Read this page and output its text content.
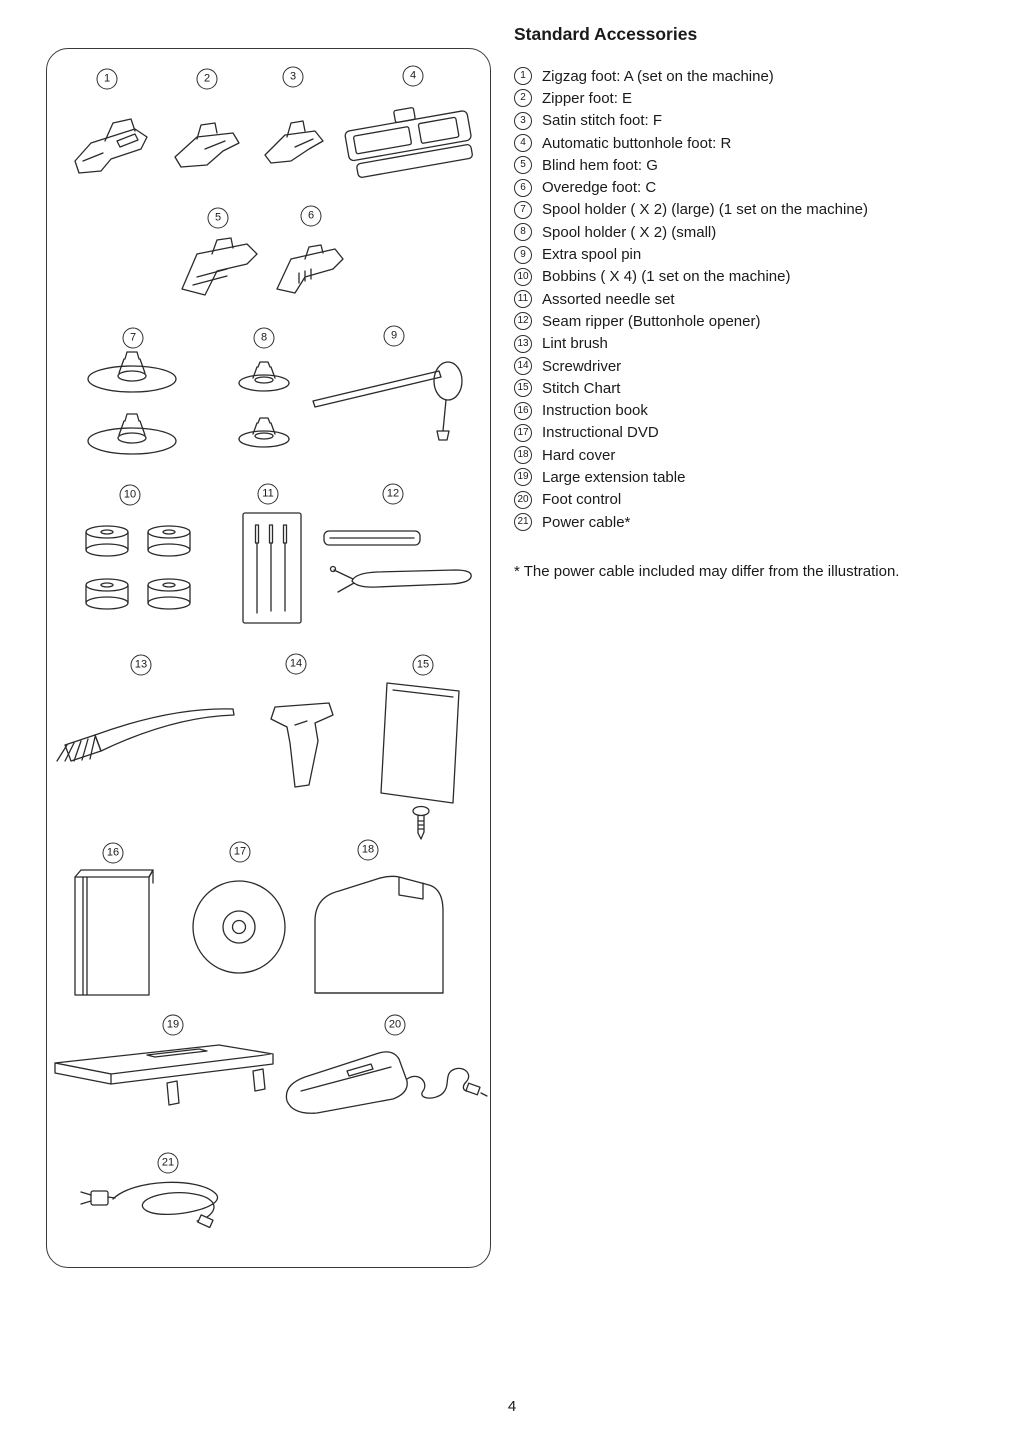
1	2	3	4
5	6
7	8	9
10	11	12
13	14	15
16	17	18
19	20
21
Standard Accessories
1	Zigzag foot: A (set on the machine)
2	Zipper foot: E
3	Satin stitch foot: F
4	Automatic buttonhole foot: R
5	Blind hem foot: G
6	Overedge foot: C
7	Spool holder ( X 2) (large) (1 set on the machine)
8	Spool holder ( X 2) (small)
9	Extra spool pin
10 Bobbins ( X 4) (1 set on the machine)
11 Assorted needle set
12 Seam ripper (Buttonhole opener)
13 Lint brush
14 Screwdriver
15 Stitch Chart
16 Instruction book
17 Instructional DVD
18 Hard cover
19 Large extension table
20 Foot control
21 Power cable*
* The power cable included may differ from the illustration.
4
